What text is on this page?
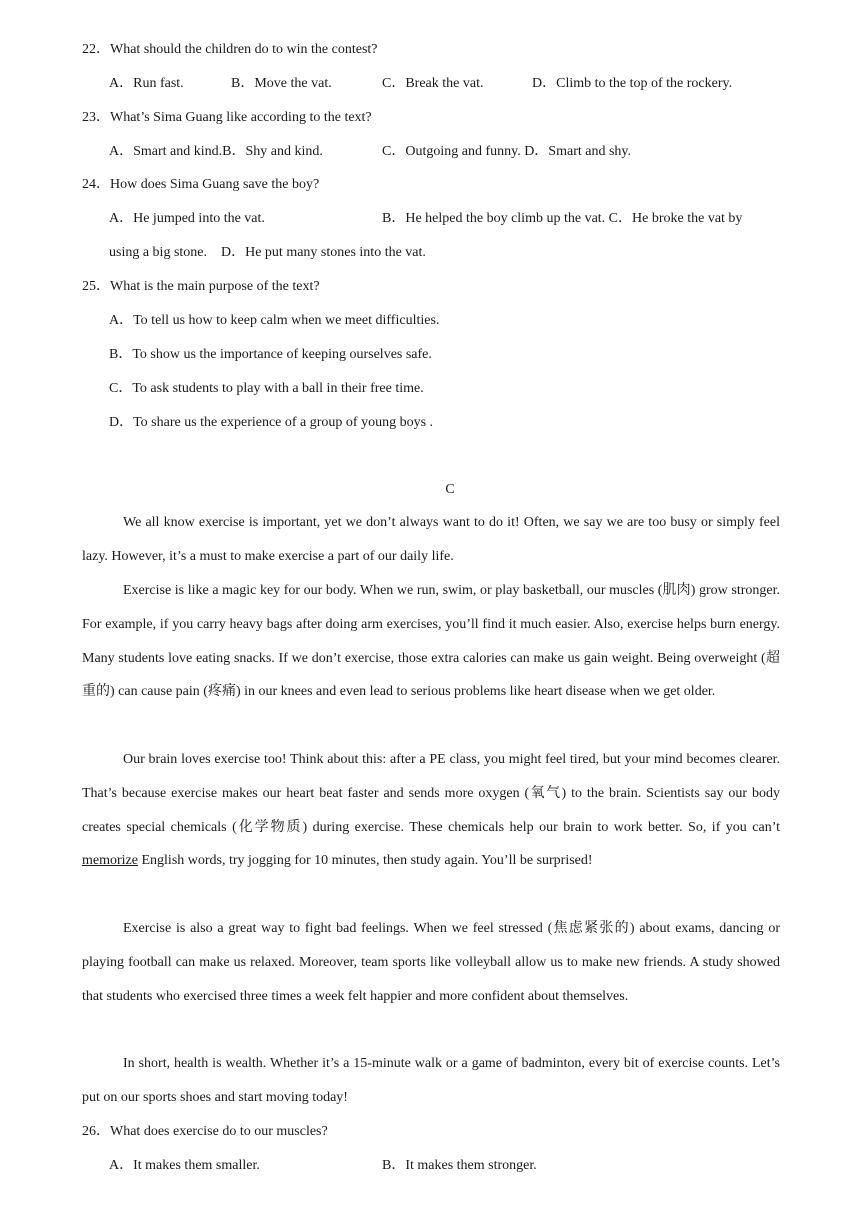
22．What should the children do to win the contest?
A．Run fast.	B．Move the vat.	C．Break the vat.	D．Climb to the top of the rockery.
23．What’s Sima Guang like according to the text?
A．Smart and kind.B．Shy and kind.	C．Outgoing and funny. D．Smart and shy.
24．How does Sima Guang save the boy?
A．He jumped into the vat.	B．He helped the boy climb up the vat. C．He broke the vat by
using a big stone.    D．He put many stones into the vat.
25．What is the main purpose of the text?
A．To tell us how to keep calm when we meet difficulties.
B．To show us the importance of keeping ourselves safe.
C．To ask students to play with a ball in their free time.
D．To share us the experience of a group of young boys .
C
We all know exercise is important, yet we don’t always want to do it! Often, we say we are too busy or simply feel lazy. However, it’s a must to make exercise a part of our daily life.
Exercise is like a magic key for our body. When we run, swim, or play basketball, our muscles (肌肉) grow stronger. For example, if you carry heavy bags after doing arm exercises, you’ll find it much easier. Also, exercise helps burn energy. Many students love eating snacks. If we don’t exercise, those extra calories can make us gain weight. Being overweight (超重的) can cause pain (疼痛) in our knees and even lead to serious problems like heart disease when we get older.
Our brain loves exercise too! Think about this: after a PE class, you might feel tired, but your mind becomes clearer. That’s because exercise makes our heart beat faster and sends more oxygen (氧气) to the brain. Scientists say our body creates special chemicals (化学物质) during exercise. These chemicals help our brain to work better. So, if you can’t memorize English words, try jogging for 10 minutes, then study again. You’ll be surprised!
Exercise is also a great way to fight bad feelings. When we feel stressed (焦虑紧张的) about exams, dancing or playing football can make us relaxed. Moreover, team sports like volleyball allow us to make new friends. A study showed that students who exercised three times a week felt happier and more confident about themselves.
In short, health is wealth. Whether it’s a 15-minute walk or a game of badminton, every bit of exercise counts. Let’s put on our sports shoes and start moving today!
26．What does exercise do to our muscles?
A．It makes them smaller.	B．It makes them stronger.
